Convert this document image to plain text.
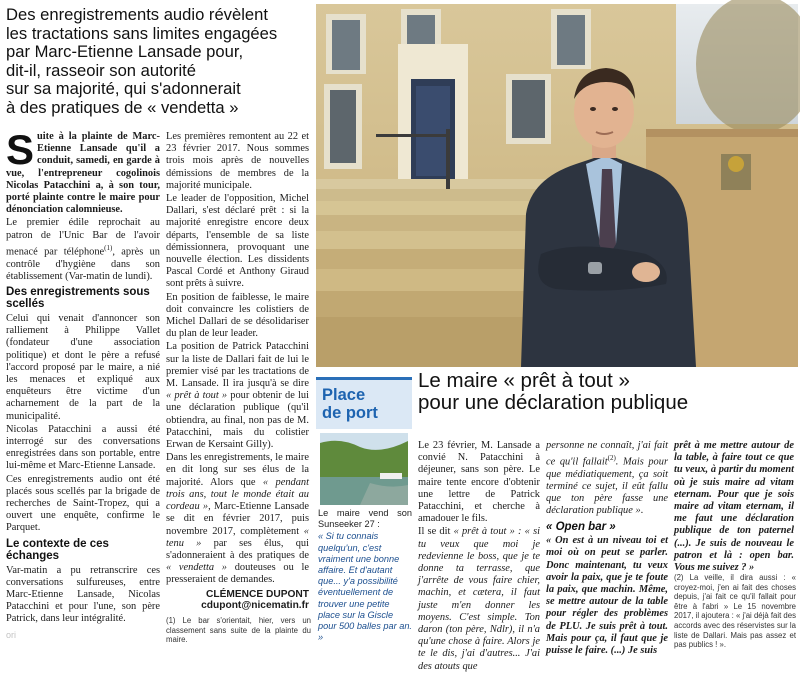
Des enregistrements audio révèlent
les tractations sans limites engagées
par Marc-Etienne Lansade pour,
dit-il, rasseoir son autorité
sur sa majorité, qui s'adonnerait
à des pratiques de « vendetta »

Suite à la plainte de Marc-Etienne Lansade qu'il a conduit, samedi, en garde à vue, l'entrepreneur cogolinois Nicolas Patacchini a, à son tour, porté plainte contre le maire pour dénonciation calomnieuse.

Le premier édile reprochait au patron de l'Unic Bar de l'avoir menacé par téléphone$^{(1)}$, après un contrôle d'hygiène dans son établissement (Var-matin de lundi).

Des enregistrements sous scellés

Celui qui venait d'annoncer son ralliement à Philippe Vallet (fondateur d'une association politique) et dont le père a refusé l'accord proposé par le maire, a nié les menaces et expliqué aux enquêteurs être victime d'un acharnement de la part de la municipalité.

Nicolas Patacchini a aussi été interrogé sur des conversations enregistrées dans son portable, entre lui-même et Marc-Etienne Lansade.

Ces enregistrements audio ont été placés sous scellés par la brigade de recherches de Saint-Tropez, qui a ouvert une enquête, confirme le Parquet.

Le contexte de ces échanges

Var-matin a pu retranscrire ces conversations sulfureuses, entre Marc-Etienne Lansade, Nicolas Patacchini et pour l'une, son père Patrick, dans leur intégralité.

Les premières remontent au 22 et 23 février 2017. Nous sommes trois mois après de nouvelles démissions de membres de la majorité municipale.

Le leader de l'opposition, Michel Dallari, s'est déclaré prêt : si la majorité enregistre encore deux départs, l'ensemble de sa liste démissionnera, provoquant une nouvelle élection. Les dissidents Pascal Cordé et Anthony Giraud sont prêts à suivre.

En position de faiblesse, le maire doit convaincre les colistiers de Michel Dallari de se désolidariser du plan de leur leader.

La position de Patrick Patacchini sur la liste de Dallari fait de lui le premier visé par les tractations de M. Lansade. Il ira jusqu'à se dire « prêt à tout » pour obtenir de lui une déclaration publique (qu'il obtiendra, au final, non pas de M. Patacchini, mais du colistier Erwan de Kersaint Gilly).

Dans les enregistrements, le maire en dit long sur ses élus de la majorité. Alors que « pendant trois ans, tout le monde était au cordeau », Marc-Etienne Lansade se dit en février 2017, puis novembre 2017, complètement « tenu » par ses élus, qui s'adonneraient à des pratiques de « vendetta » douteuses ou le presseraient de demandes.

CLÉMENCE DUPONT
cdupont@nicematin.fr
(1) Le bar s'orientait, hier, vers un classement sans suite de la plainte du maire.
Place
de port

Le maire vend son Sunseeker 27 :

« Si tu connais quelqu'un, c'est vraiment une bonne affaire. Et d'autant que... y'a possibilité éventuellement de trouver une petite place sur la Giscle pour 500 balles par an. »

Le maire « prêt à tout »
pour une déclaration publique

Le 23 février, M. Lansade a convié N. Patacchini à déjeuner, sans son père. Le maire tente encore d'obtenir une lettre de Patrick Patacchini, et cherche à amadouer le fils.

Il se dit « prêt à tout » : « si tu veux que moi je redevienne le boss, que je te donne ta terrasse, que j'arrête de vous faire chier, machin, et cætera, il faut juste m'en donner les moyens. C'est simple. Ton daron (ton père, Ndlr), il n'a qu'une chose à faire. Alors je te le dis, j'ai d'autres... J'ai des atouts que

personne ne connaît, j'ai fait ce qu'il fallait$^{(2)}$. Mais pour que médiatiquement, ça soit terminé ce sujet, il eût fallu que ton père fasse une déclaration publique ».

« Open bar »

« On est à un niveau toi et moi où on peut se parler. Donc maintenant, tu veux avoir la paix, que je te foute la paix, que machin. Même, se mettre autour de la table pour régler des problèmes de PLU. Je suis prêt à tout. Mais pour ça, il faut que je puisse le faire. (...) Je suis

prêt à me mettre autour de la table, à faire tout ce que tu veux, à partir du moment où je suis maire ad vitam eternam. Pour que je sois maire ad vitam eternam, il me faut une déclaration publique de ton paternel (...). Je suis de nouveau le patron et là : open bar. Vous me suivez ? »

(2) La veille, il dira aussi : « croyez-moi, j'en ai fait des choses depuis, j'ai fait ce qu'il fallait pour être à l'abri » Le 15 novembre 2017, il ajoutera : « j'ai déjà fait des accords avec des réservistes sur la liste de Dallari. Mais pas assez et pas publics ! ».
ori
